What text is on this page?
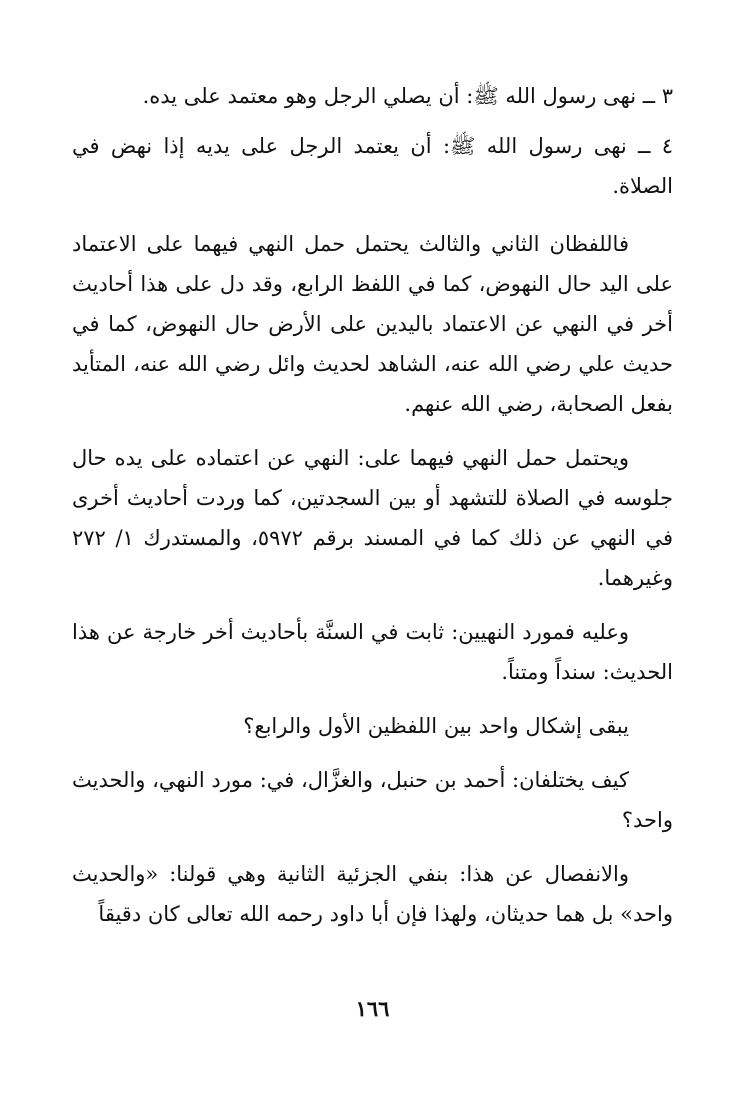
٣ ــ نهى رسول الله ﷺ: أن يصلي الرجل وهو معتمد على يده.

٤ ــ نهى رسول الله ﷺ: أن يعتمد الرجل على يديه إذا نهض في الصلاة.

فاللفظان الثاني والثالث يحتمل حمل النهي فيهما على الاعتماد على اليد حال النهوض، كما في اللفظ الرابع، وقد دل على هذا أحاديث أخر في النهي عن الاعتماد باليدين على الأرض حال النهوض، كما في حديث علي رضي الله عنه، الشاهد لحديث وائل رضي الله عنه، المتأيد بفعل الصحابة، رضي الله عنهم.

ويحتمل حمل النهي فيهما على: النهي عن اعتماده على يده حال جلوسه في الصلاة للتشهد أو بين السجدتين، كما وردت أحاديث أخرى في النهي عن ذلك كما في المسند برقم ٥٩٧٢، والمستدرك ١/ ٢٧٢ وغيرهما.

وعليه فمورد النهيين: ثابت في السنَّة بأحاديث أخر خارجة عن هذا الحديث: سنداً ومتناً.

يبقى إشكال واحد بين اللفظين الأول والرابع؟

كيف يختلفان: أحمد بن حنبل، والغزَّال، في: مورد النهي، والحديث واحد؟

والانفصال عن هذا: بنفي الجزئية الثانية وهي قولنا: «والحديث واحد» بل هما حديثان، ولهذا فإن أبا داود رحمه الله تعالى كان دقيقاً

١٦٦
